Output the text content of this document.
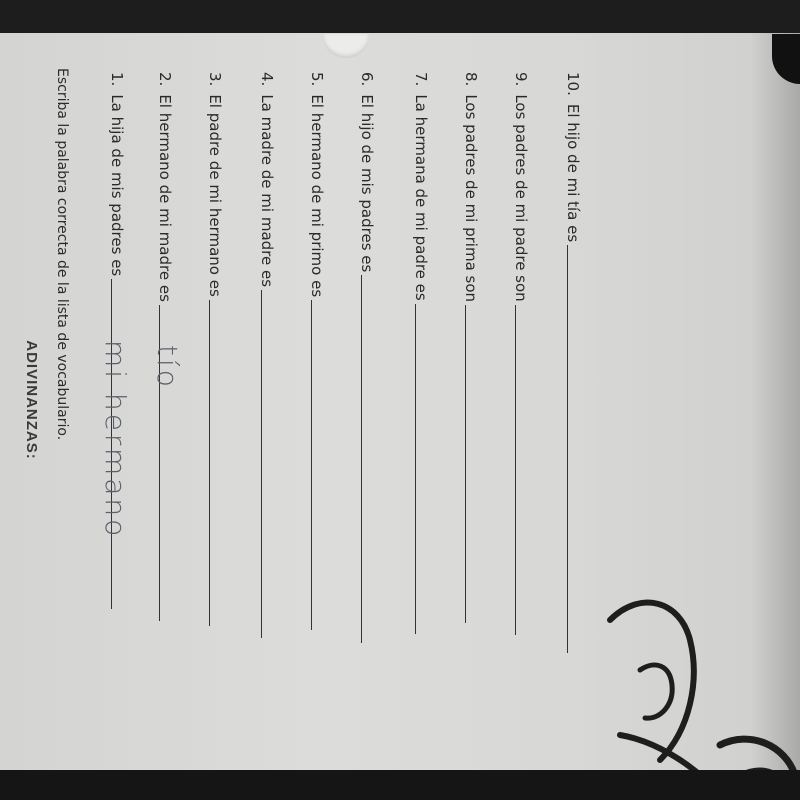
ADIVINANZAS: Escriba la palabra correcta de la lista de vocabulario.	1.
La hija de mis padres es
2.
El hermano de mi madre es
3.
El padre de mi hermano es
4.
La madre de mi madre es
5.
El hermano de mi primo es
6.
El hijo de mis padres es
7.
La hermana de mi padre es
8.
Los padres de mi prima son
9.
Los padres de mi padre son
10.
El hijo de mi tía es
mi hermano tío
